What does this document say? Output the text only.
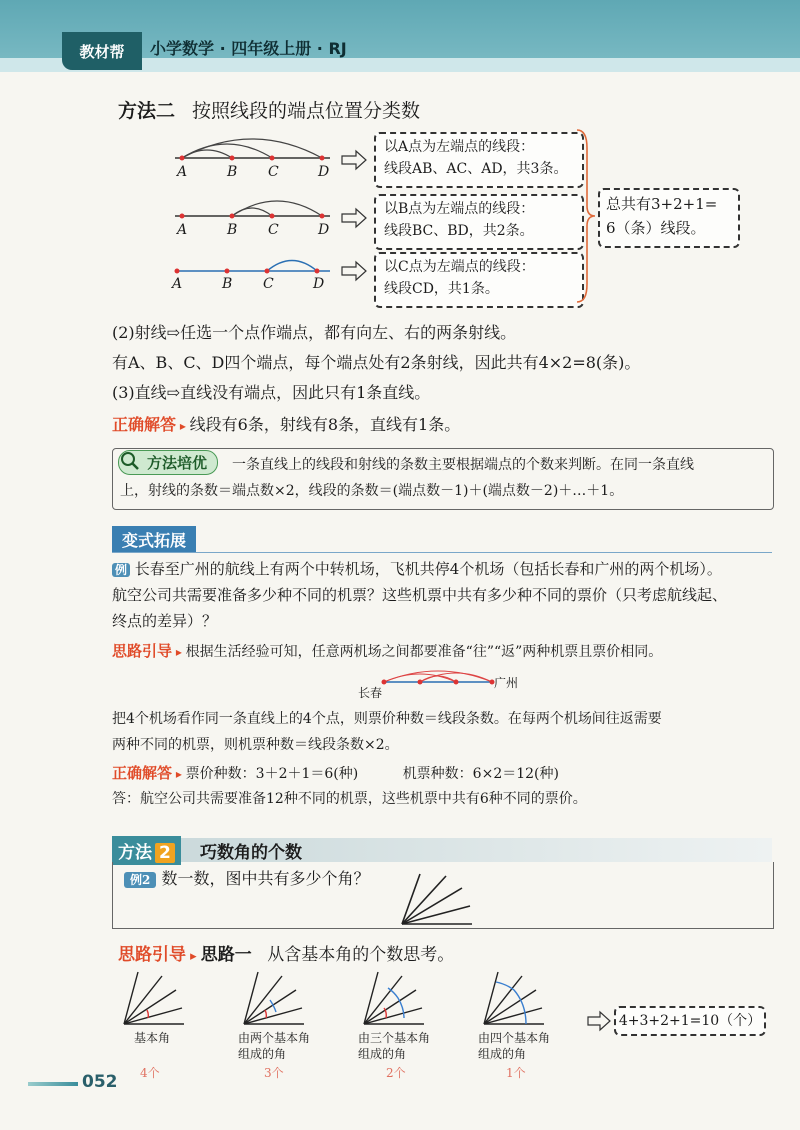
教材帮	小学数学 · 四年级上册 · RJ
方法二 按照线段的端点位置分类数
A	B C	D
A	B C	D
A	B C	D
以A点为左端点的线段：
线段AB、AC、AD，共3条。
以B点为左端点的线段：
线段BC、BD，共2条。
以C点为左端点的线段：
线段CD，共1条。
总共有3+2+1=
6（条）线段。
(2)射线⇨任选一个点作端点，都有向左、右的两条射线。
有A、B、C、D四个端点，每个端点处有2条射线，因此共有4×2=8(条)。
(3)直线⇨直线没有端点，因此只有1条直线。
正确解答 ▸ 线段有6条，射线有8条，直线有1条。
方法培优	一条直线上的线段和射线的条数主要根据端点的个数来判断。在同一条直线
上，射线的条数＝端点数×2，线段的条数＝(端点数－1)＋(端点数－2)＋…＋1。
变式拓展
例 长春至广州的航线上有两个中转机场，飞机共停4个机场（包括长春和广州的两个机场）。
航空公司共需要准备多少种不同的机票？这些机票中共有多少种不同的票价（只考虑航线起、
终点的差异）？
思路引导 ▸ 根据生活经验可知，任意两机场之间都要准备“往”“返”两种机票且票价相同。
长春
广州
把4个机场看作同一条直线上的4个点，则票价种数＝线段条数。在每两个机场间往返需要
两种不同的机票，则机票种数＝线段条数×2。
正确解答 ▸ 票价种数：3＋2＋1＝6(种)	机票种数：6×2＝12(种)
答：航空公司共需要准备12种不同的机票，这些机票中共有6种不同的票价。
方法 2	巧数角的个数
例2 数一数，图中共有多少个角？
思路引导 ▸ 思路一 从含基本角的个数思考。
基本角	由两个基本角组成的角
由三个基本角组成的角
由四个基本角组成的角
4个	3个	2个	1个
4+3+2+1=10（个）
052
